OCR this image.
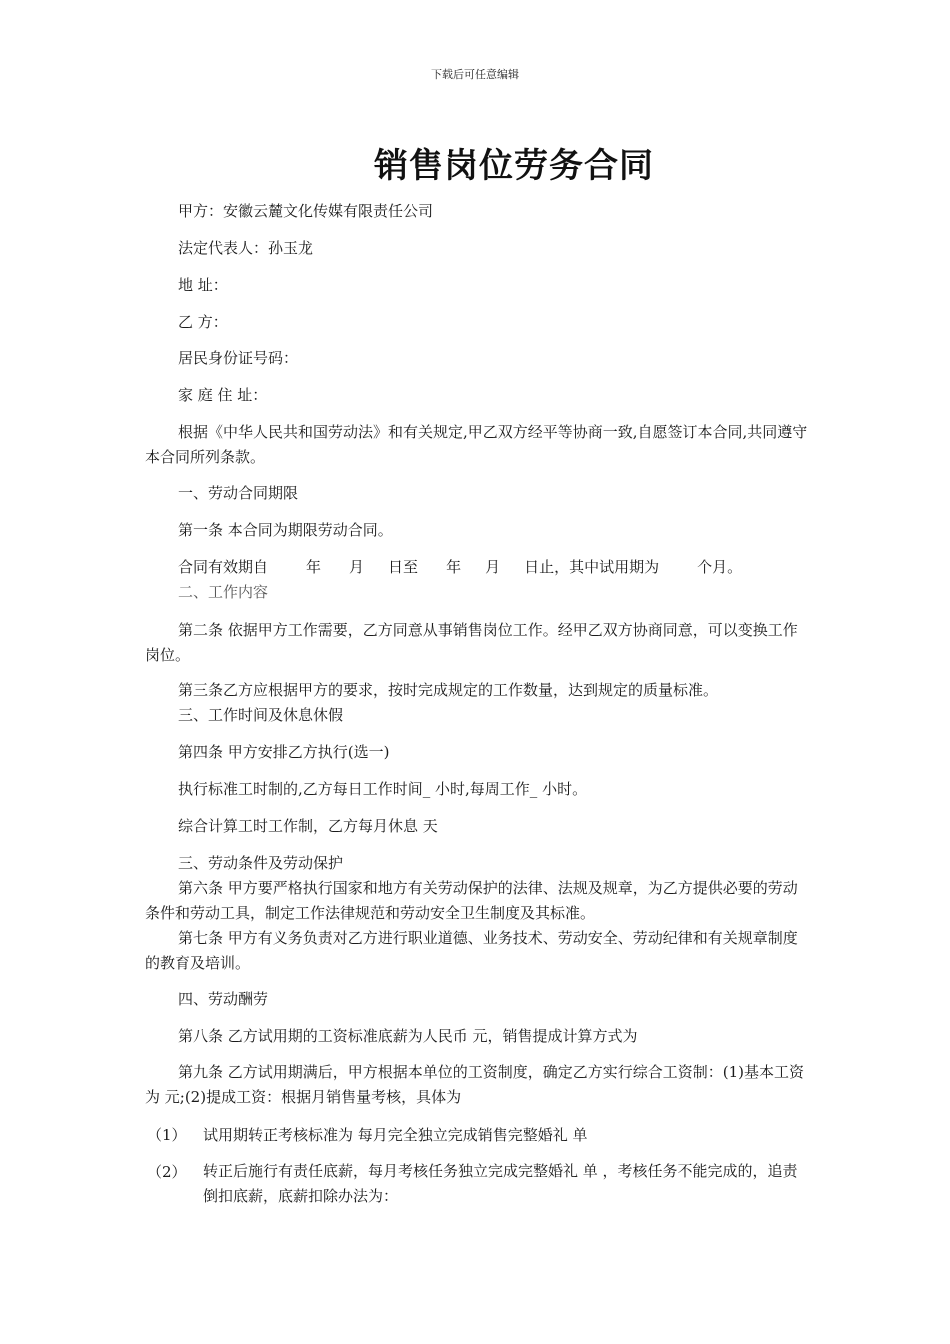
下载后可任意编辑
销售岗位劳务合同
甲方：安徽云麓文化传媒有限责任公司
法定代表人：孙玉龙
地 址：
乙 方：
居民身份证号码：
家 庭 住 址：
根据《中华人民共和国劳动法》和有关规定,甲乙双方经平等协商一致,自愿签订本合同,共同遵守本合同所列条款。
一、劳动合同期限
第一条 本合同为期限劳动合同。
合同有效期自	年 月 日至 年 月 日止，其中试用期为	个月。
二、工作内容
第二条 依据甲方工作需要，乙方同意从事销售岗位工作。经甲乙双方协商同意，可以变换工作岗位。
第三条乙方应根据甲方的要求，按时完成规定的工作数量，达到规定的质量标准。
三、工作时间及休息休假
第四条 甲方安排乙方执行(选一)
执行标准工时制的,乙方每日工作时间_ 小时,每周工作_ 小时。
综合计算工时工作制，乙方每月休息 天
三、劳动条件及劳动保护
第六条 甲方要严格执行国家和地方有关劳动保护的法律、法规及规章，为乙方提供必要的劳动条件和劳动工具，制定工作法律规范和劳动安全卫生制度及其标准。
第七条 甲方有义务负责对乙方进行职业道德、业务技术、劳动安全、劳动纪律和有关规章制度的教育及培训。
四、劳动酬劳
第八条 乙方试用期的工资标准底薪为人民币 元，销售提成计算方式为
第九条 乙方试用期满后，甲方根据本单位的工资制度，确定乙方实行综合工资制：(1)基本工资为 元;(2)提成工资：根据月销售量考核，具体为
（1） 试用期转正考核标准为 每月完全独立完成销售完整婚礼 单
（2） 转正后施行有责任底薪，每月考核任务独立完成完整婚礼 单 ，考核任务不能完成的，追责倒扣底薪，底薪扣除办法为：
